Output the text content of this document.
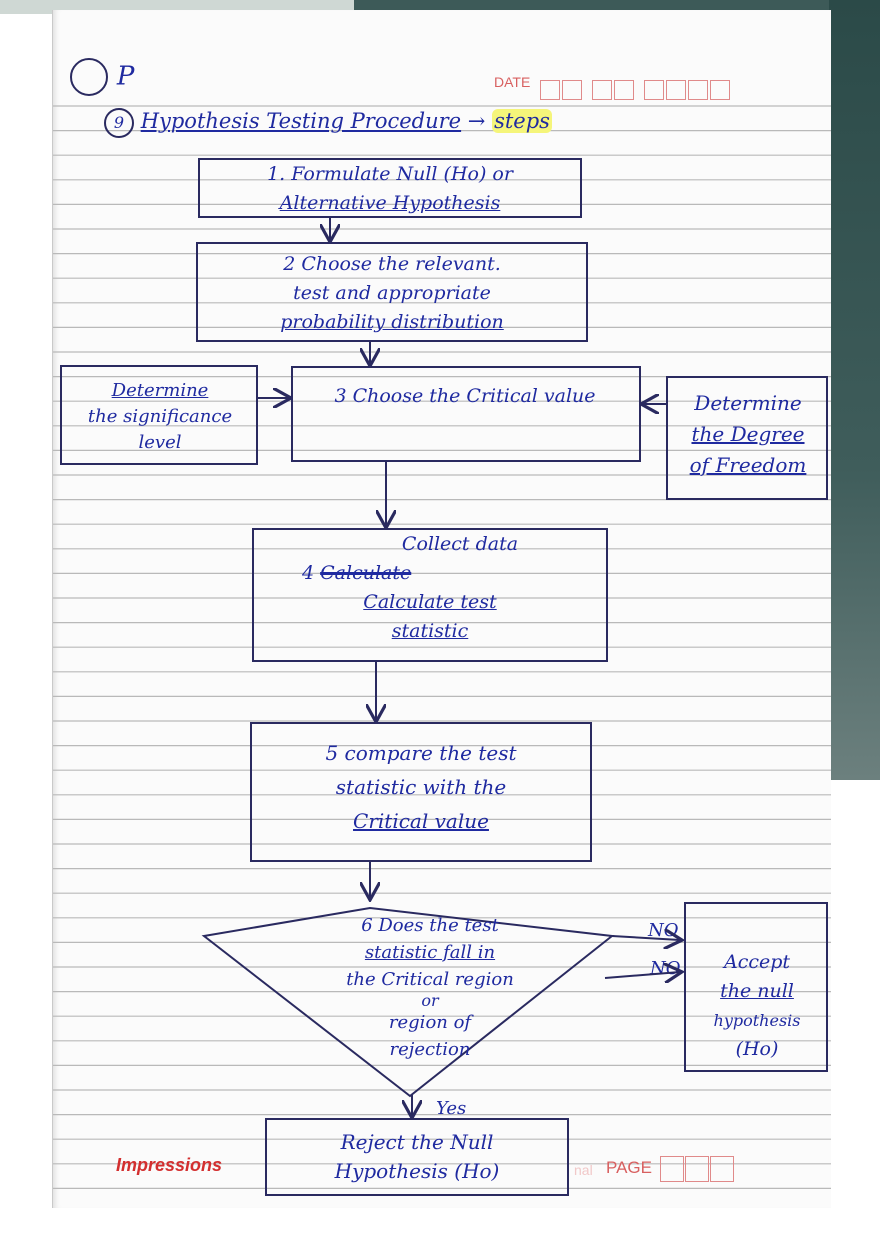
P	DATE
9 Hypothesis Testing Procedure → steps
1. Formulate Null (Ho) or
Alternative Hypothesis
2 Choose the relevant.
test and appropriate
probability distribution
Determine
the significance
level
3 Choose the Critical value	Determine
the Degree
of Freedom
Collect data
4 Calculate
Calculate test
statistic
5 compare the test
statistic with the
Critical value
6 Does the test
statistic fall in
the Critical region
or
region of
rejection
Accept
the null
hypothesis
(Ho)
NO
NO
Yes
Reject the Null
Hypothesis (Ho)
Impressions	nal PAGE
